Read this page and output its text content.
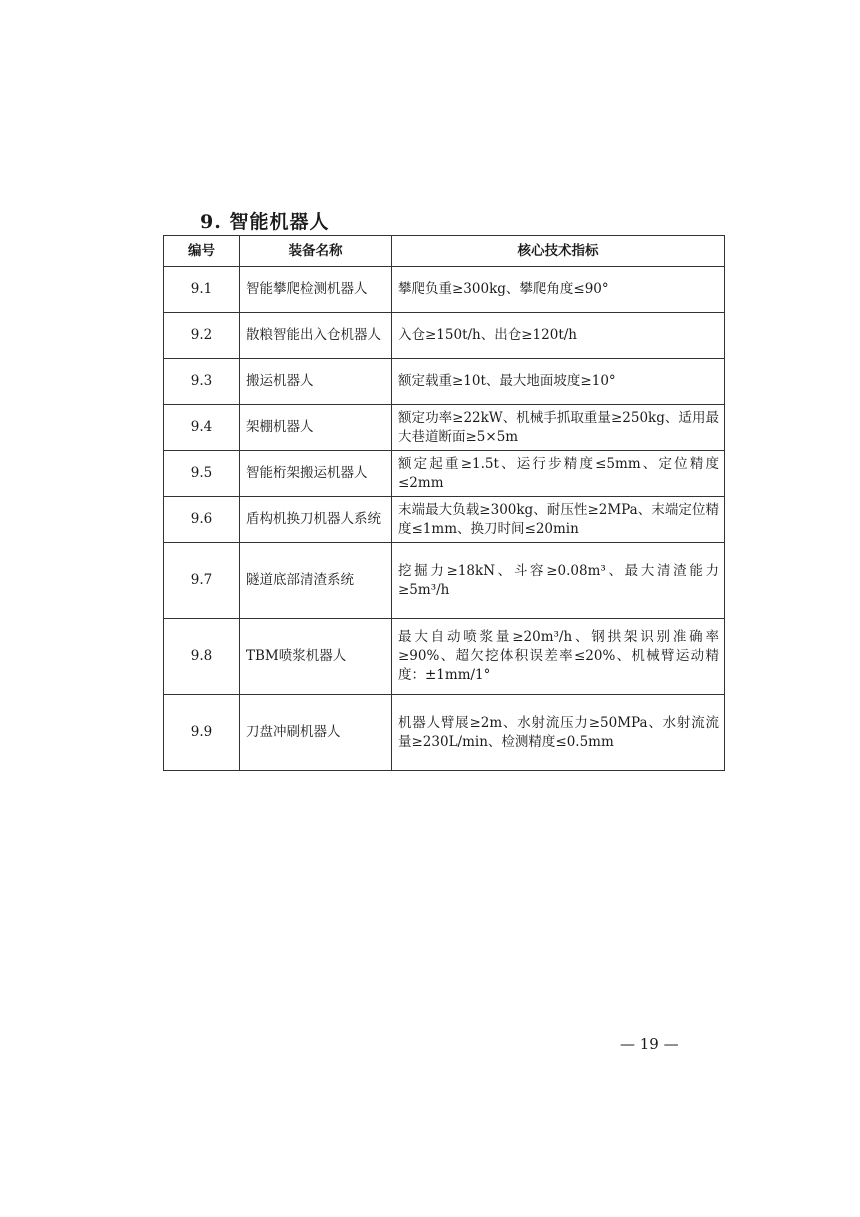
9. 智能机器人
编号	装备名称	核心技术指标
9.1	智能攀爬检测机器人	攀爬负重≥300kg、攀爬角度≤90°
9.2	散粮智能出入仓机器人	入仓≥150t/h、出仓≥120t/h
9.3	搬运机器人	额定载重≥10t、最大地面坡度≥10°
9.4	架棚机器人	额定功率≥22kW、机械手抓取重量≥250kg、适用最大巷道断面≥5×5m
9.5	智能桁架搬运机器人	额定起重≥1.5t、运行步精度≤5mm、定位精度≤2mm
9.6	盾构机换刀机器人系统	末端最大负载≥300kg、耐压性≥2MPa、末端定位精度≤1mm、换刀时间≤20min
9.7	隧道底部清渣系统	挖掘力≥18kN、斗容≥0.08m³、最大清渣能力≥5m³/h
9.8	TBM喷浆机器人	最大自动喷浆量≥20m³/h、钢拱架识别准确率≥90%、超欠挖体积误差率≤20%、机械臂运动精度：±1mm/1°
9.9	刀盘冲刷机器人	机器人臂展≥2m、水射流压力≥50MPa、水射流流量≥230L/min、检测精度≤0.5mm
— 19 —
